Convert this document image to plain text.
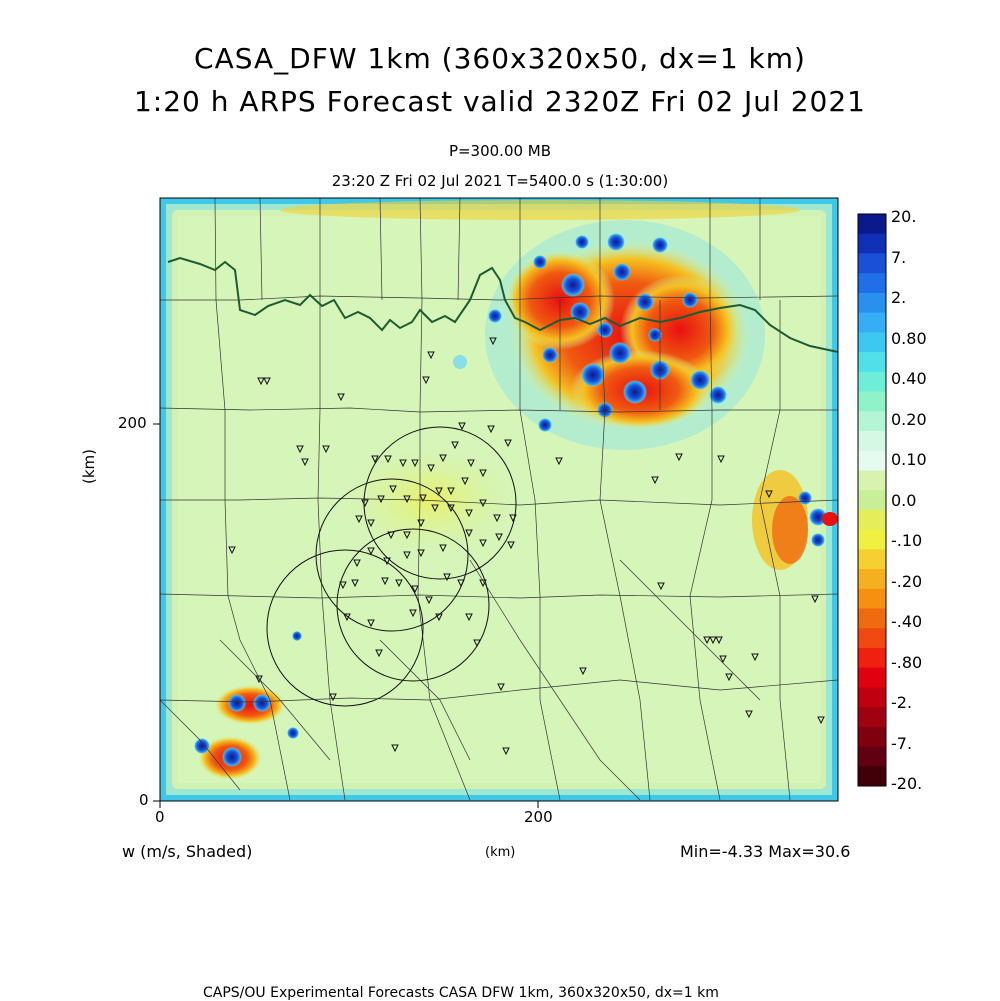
CASA_DFW 1km (360x320x50, dx=1 km)
1:20 h ARPS Forecast valid 2320Z Fri 02 Jul 2021
P=300.00 MB
23:20 Z Fri 02 Jul 2021 T=5400.0 s (1:30:00)
(km)
200
0
0	200
w (m/s, Shaded)	(km)	Min=-4.33 Max=30.6
CAPS/OU Experimental Forecasts CASA DFW 1km, 360x320x50, dx=1 km
20.
7.
2.
0.80
0.40
0.20
0.10
0.0
-.10
-.20
-.40
-.80
-2.
-7.
-20.
